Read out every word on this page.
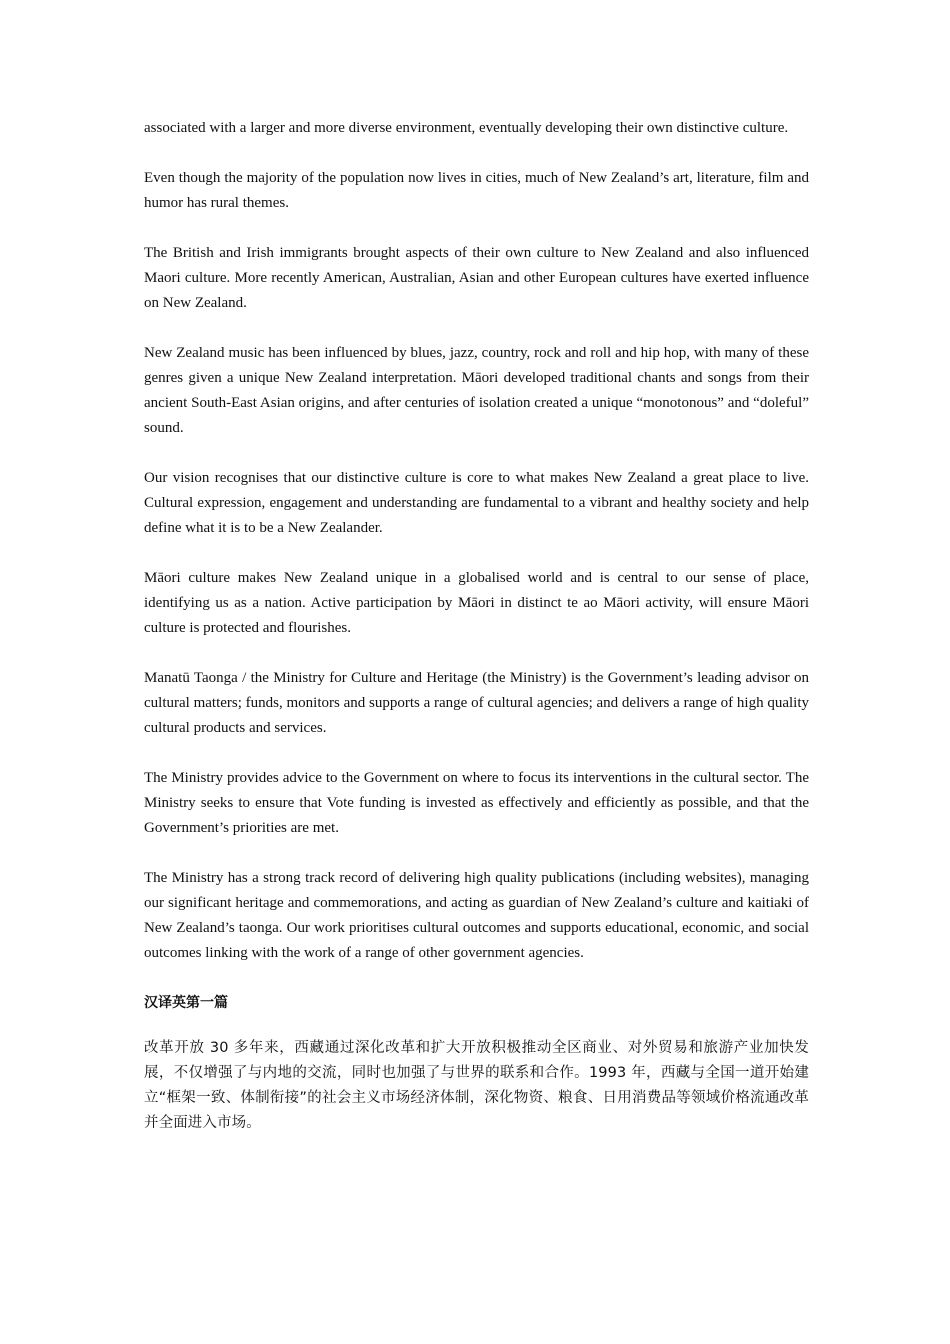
associated with a larger and more diverse environment, eventually developing their own distinctive culture.

Even though the majority of the population now lives in cities, much of New Zealand’s art, literature, film and humor has rural themes.

The British and Irish immigrants brought aspects of their own culture to New Zealand and also influenced Maori culture. More recently American, Australian, Asian and other European cultures have exerted influence on New Zealand.

New Zealand music has been influenced by blues, jazz, country, rock and roll and hip hop, with many of these genres given a unique New Zealand interpretation. Māori developed traditional chants and songs from their ancient South-East Asian origins, and after centuries of isolation created a unique “monotonous” and “doleful” sound.

Our vision recognises that our distinctive culture is core to what makes New Zealand a great place to live. Cultural expression, engagement and understanding are fundamental to a vibrant and healthy society and help define what it is to be a New Zealander.

Māori culture makes New Zealand unique in a globalised world and is central to our sense of place, identifying us as a nation. Active participation by Māori in distinct te ao Māori activity, will ensure Māori culture is protected and flourishes.

Manatū Taonga / the Ministry for Culture and Heritage (the Ministry) is the Government’s leading advisor on cultural matters; funds, monitors and supports a range of cultural agencies; and delivers a range of high quality cultural products and services.

The Ministry provides advice to the Government on where to focus its interventions in the cultural sector. The Ministry seeks to ensure that Vote funding is invested as effectively and efficiently as possible, and that the Government’s priorities are met.

The Ministry has a strong track record of delivering high quality publications (including websites), managing our significant heritage and commemorations, and acting as guardian of New Zealand’s culture and kaitiaki of New Zealand’s taonga. Our work prioritises cultural outcomes and supports educational, economic, and social outcomes linking with the work of a range of other government agencies.

汉译英第一篇

改革开放 30 多年来，西藏通过深化改革和扩大开放积极推动全区商业、对外贸易和旅游产业加快发展，不仅增强了与内地的交流，同时也加强了与世界的联系和合作。1993 年，西藏与全国一道开始建立“框架一致、体制衔接”的社会主义市场经济体制，深化物资、粮食、日用消费品等领域价格流通改革并全面进入市场。
